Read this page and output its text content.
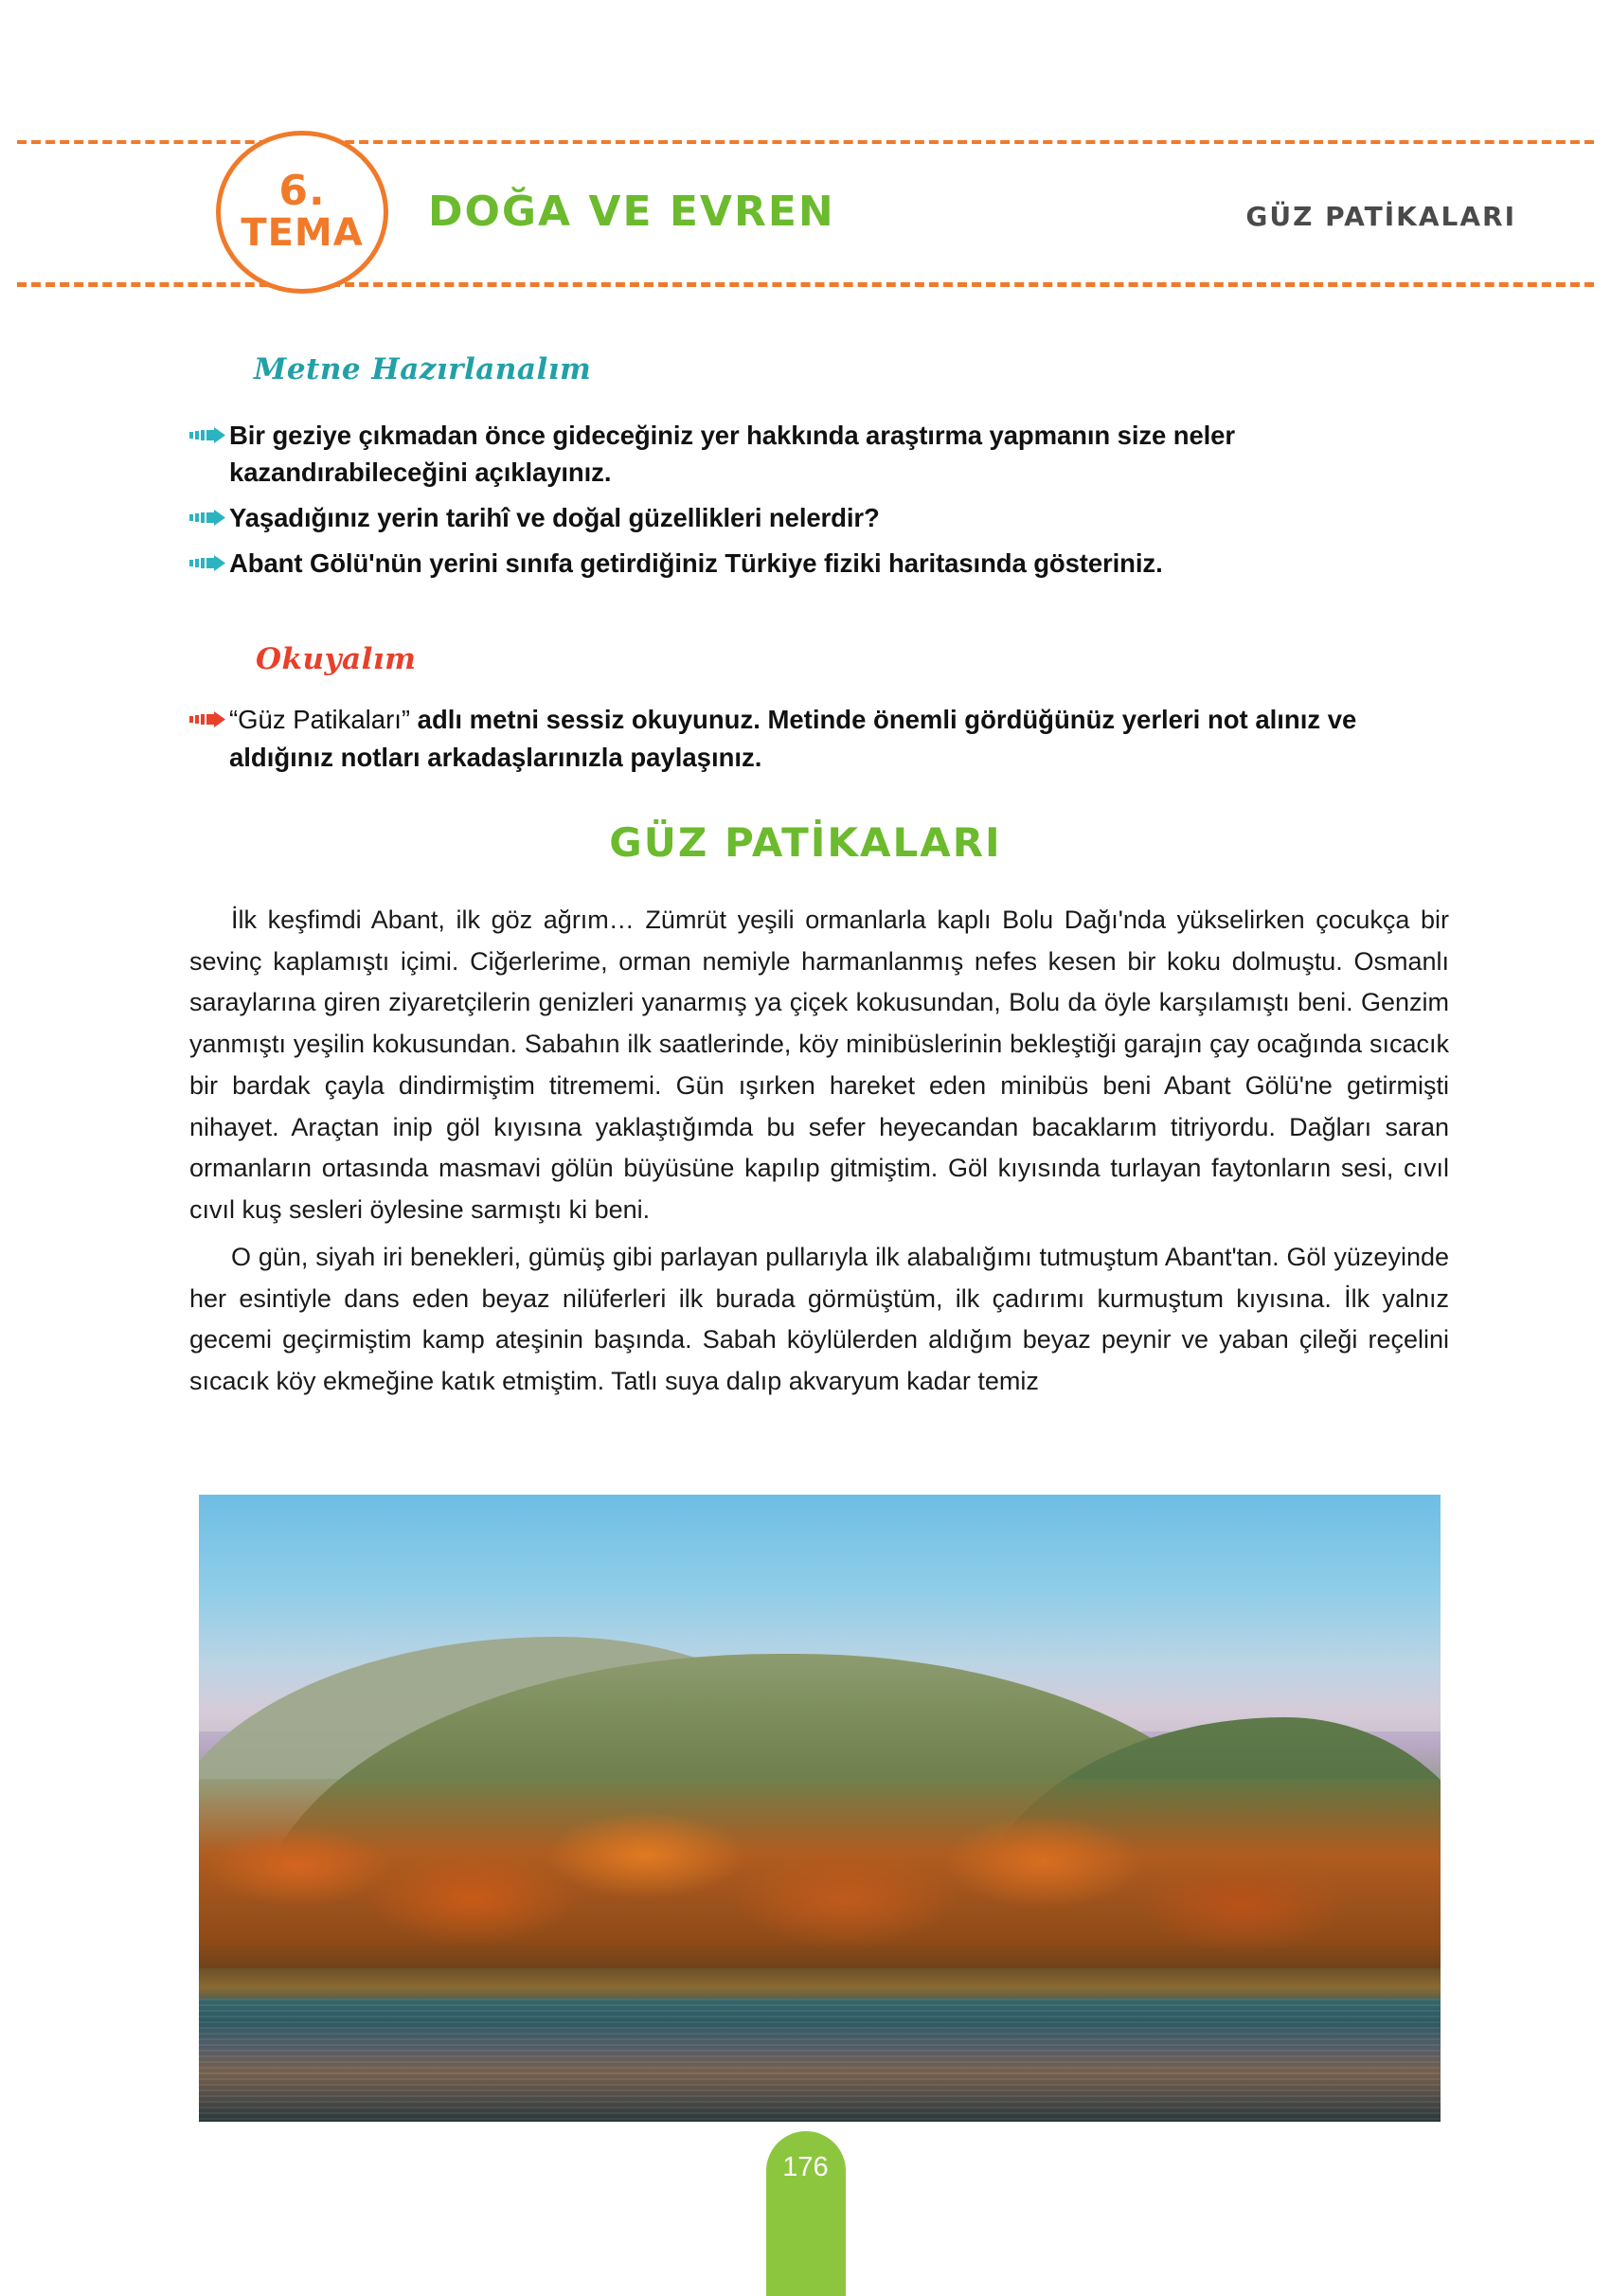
6.
TEMA DOĞA VE EVREN	GÜZ PATİKALARI
Metne Hazırlanalım
Bir geziye çıkmadan önce gideceğiniz yer hakkında araştırma yapmanın size neler kazandırabileceğini açıklayınız.
Yaşadığınız yerin tarihî ve doğal güzellikleri nelerdir?
Abant Gölü'nün yerini sınıfa getirdiğiniz Türkiye fiziki haritasında gösteriniz.
Okuyalım
“Güz Patikaları” adlı metni sessiz okuyunuz. Metinde önemli gördüğünüz yerleri not alınız ve aldığınız notları arkadaşlarınızla paylaşınız.
GÜZ PATİKALARI

İlk keşfimdi Abant, ilk göz ağrım… Zümrüt yeşili ormanlarla kaplı Bolu Dağı'nda yükselirken çocukça bir sevinç kaplamıştı içimi. Ciğerlerime, orman nemiyle harmanlanmış nefes kesen bir koku dolmuştu. Osmanlı saraylarına giren ziyaretçilerin genizleri yanarmış ya çiçek kokusundan, Bolu da öyle karşılamıştı beni. Genzim yanmıştı yeşilin kokusundan. Sabahın ilk saatlerinde, köy minibüslerinin bekleştiği garajın çay ocağında sıcacık bir bardak çayla dindirmiştim titrememi. Gün ışırken hareket eden minibüs beni Abant Gölü'ne getirmişti nihayet. Araçtan inip göl kıyısına yaklaştığımda bu sefer heyecandan bacaklarım titriyordu. Dağları saran ormanların ortasında masmavi gölün büyüsüne kapılıp gitmiştim. Göl kıyısında turlayan faytonların sesi, cıvıl cıvıl kuş sesleri öylesine sarmıştı ki beni.

O gün, siyah iri benekleri, gümüş gibi parlayan pullarıyla ilk alabalığımı tutmuştum Abant'tan. Göl yüzeyinde her esintiyle dans eden beyaz nilüferleri ilk burada görmüştüm, ilk çadırımı kurmuştum kıyısına. İlk yalnız gecemi geçirmiştim kamp ateşinin başında. Sabah köylülerden aldığım beyaz peynir ve yaban çileği reçelini sıcacık köy ekmeğine katık etmiştim. Tatlı suya dalıp akvaryum kadar temiz

176
